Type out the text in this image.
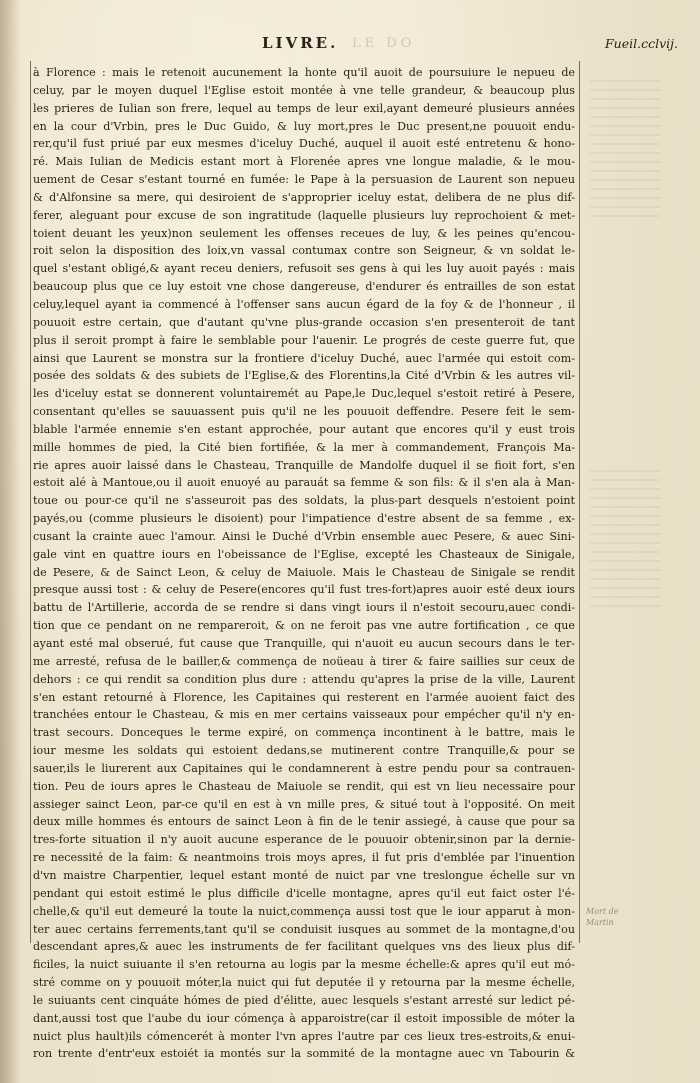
LIVRE. LE DO	Fueil.cclvij.
à Florence : mais le retenoit aucunement la honte qu'il auoit de poursuiure le nepueu de
celuy, par le moyen duquel l'Eglise estoit montée à vne telle grandeur, & beaucoup plus
les prieres de Iulian son frere, lequel au temps de leur exil,ayant demeuré plusieurs années
en la cour d'Vrbin, pres le Duc Guido, & luy mort,pres le Duc present,ne pouuoit endu-
rer,qu'il fust priué par eux mesmes d'iceluy Duché, auquel il auoit esté entretenu & hono-
ré. Mais Iulian de Medicis estant mort à Florenée apres vne longue maladie, & le mou-
uement de Cesar s'estant tourné en fumée: le Pape à la persuasion de Laurent son nepueu
& d'Alfonsine sa mere, qui desiroient de s'approprier iceluy estat, delibera de ne plus dif-
ferer, aleguant pour excuse de son ingratitude (laquelle plusieurs luy reprochoient & met-
toient deuant les yeux)non seulement les offenses receues de luy, & les peines qu'encou-
roit selon la disposition des loix,vn vassal contumax contre son Seigneur, & vn soldat le-
quel s'estant obligé,& ayant receu deniers, refusoit ses gens à qui les luy auoit payés : mais
beaucoup plus que ce luy estoit vne chose dangereuse, d'endurer és entrailles de son estat
celuy,lequel ayant ia commencé à l'offenser sans aucun égard de la foy & de l'honneur , il
pouuoit estre certain, que d'autant qu'vne plus-grande occasion s'en presenteroit de tant
plus il seroit prompt à faire le semblable pour l'auenir. Le progrés de ceste guerre fut, que
ainsi que Laurent se monstra sur la frontiere d'iceluy Duché, auec l'armée qui estoit com-
posée des soldats & des subiets de l'Eglise,& des Florentins,la Cité d'Vrbin & les autres vil-
les d'iceluy estat se donnerent voluntairemét au Pape,le Duc,lequel s'estoit retiré à Pesere,
consentant qu'elles se sauuassent puis qu'il ne les pouuoit deffendre. Pesere feit le sem-
blable l'armée ennemie s'en estant approchée, pour autant que encores qu'il y eust trois
mille hommes de pied, la Cité bien fortifiée, & la mer à commandement, François Ma-
rie apres auoir laissé dans le Chasteau, Tranquille de Mandolfe duquel il se fioit fort, s'en
estoit alé à Mantoue,ou il auoit enuoyé au parauát sa femme & son fils: & il s'en ala à Man-
toue ou pour-ce qu'il ne s'asseuroit pas des soldats, la plus-part desquels n'estoient point
payés,ou (comme plusieurs le disoient) pour l'impatience d'estre absent de sa femme , ex-
cusant la crainte auec l'amour. Ainsi le Duché d'Vrbin ensemble auec Pesere, & auec Sini-
gale vint en quattre iours en l'obeissance de l'Eglise, excepté les Chasteaux de Sinigale,
de Pesere, & de Sainct Leon, & celuy de Maiuole. Mais le Chasteau de Sinigale se rendit
presque aussi tost : & celuy de Pesere(encores qu'il fust tres-fort)apres auoir esté deux iours
battu de l'Artillerie, accorda de se rendre si dans vingt iours il n'estoit secouru,auec condi-
tion que ce pendant on ne rempareroit, & on ne feroit pas vne autre fortification , ce que
ayant esté mal obserué, fut cause que Tranquille, qui n'auoit eu aucun secours dans le ter-
me arresté, refusa de le bailler,& commença de noüeau à tirer & faire saillies sur ceux de
dehors : ce qui rendit sa condition plus dure : attendu qu'apres la prise de la ville, Laurent
s'en estant retourné à Florence, les Capitaines qui resterent en l'armée auoient faict des
tranchées entour le Chasteau, & mis en mer certains vaisseaux pour empécher qu'il n'y en-
trast secours. Donceques le terme expiré, on commença incontinent à le battre, mais le
iour mesme les soldats qui estoient dedans,se mutinerent contre Tranquille,& pour se
sauer,ils le liurerent aux Capitaines qui le condamnerent à estre pendu pour sa contrauen-
tion. Peu de iours apres le Chasteau de Maiuole se rendit, qui est vn lieu necessaire pour
assieger sainct Leon, par-ce qu'il en est à vn mille pres, & situé tout à l'opposité. On meit
deux mille hommes és entours de sainct Leon à fin de le tenir assiegé, à cause que pour sa
tres-forte situation il n'y auoit aucune esperance de le pouuoir obtenir,sinon par la dernie-
re necessité de la faim: & neantmoins trois moys apres, il fut pris d'emblée par l'inuention
d'vn maistre Charpentier, lequel estant monté de nuict par vne treslongue échelle sur vn
pendant qui estoit estimé le plus difficile d'icelle montagne, apres qu'il eut faict oster l'é-
chelle,& qu'il eut demeuré la toute la nuict,commença aussi tost que le iour apparut à mon-
ter auec certains ferrements,tant qu'il se conduisit iusques au sommet de la montagne,d'ou
descendant apres,& auec les instruments de fer facilitant quelques vns des lieux plus dif-
ficiles, la nuict suiuante il s'en retourna au logis par la mesme échelle:& apres qu'il eut mó-
stré comme on y pouuoit móter,la nuict qui fut deputée il y retourna par la mesme échelle,
le suiuants cent cinquáte hómes de pied d'élitte, auec lesquels s'estant arresté sur ledict pé-
dant,aussi tost que l'aube du iour cómença à apparoistre(car il estoit impossible de móter la
nuict plus hault)ils cómencerét à monter l'vn apres l'autre par ces lieux tres-estroits,& enui-
ron trente d'entr'eux estoiét ia montés sur la sommité de la montagne auec vn Tabourin &
Mort de Martin
